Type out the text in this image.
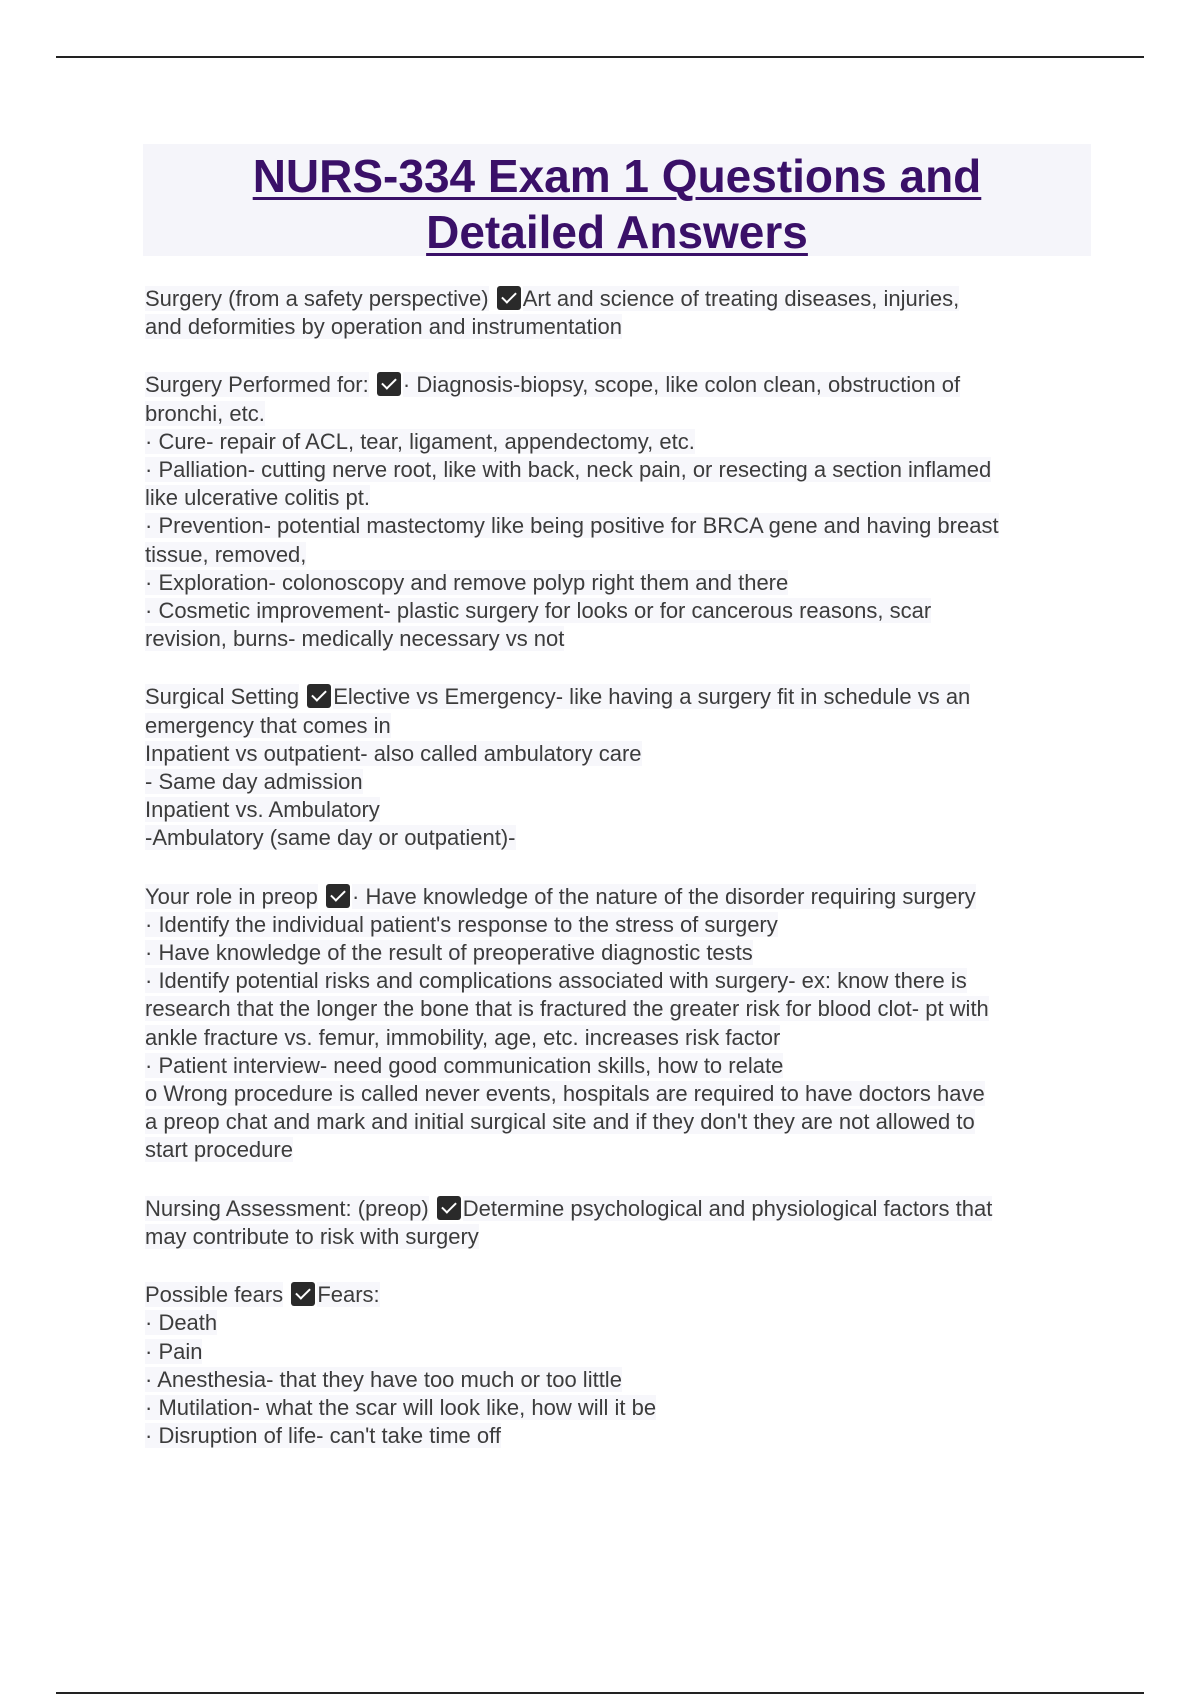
NURS-334 Exam 1 Questions and
Detailed Answers
Surgery (from a safety perspective) Art and science of treating diseases, injuries,
and deformities by operation and instrumentation
Surgery Performed for: · Diagnosis-biopsy, scope, like colon clean, obstruction of
bronchi, etc.
· Cure- repair of ACL, tear, ligament, appendectomy, etc.
· Palliation- cutting nerve root, like with back, neck pain, or resecting a section inflamed
like ulcerative colitis pt.
· Prevention- potential mastectomy like being positive for BRCA gene and having breast
tissue, removed,
· Exploration- colonoscopy and remove polyp right them and there
· Cosmetic improvement- plastic surgery for looks or for cancerous reasons, scar
revision, burns- medically necessary vs not
Surgical Setting Elective vs Emergency- like having a surgery fit in schedule vs an
emergency that comes in
Inpatient vs outpatient- also called ambulatory care
- Same day admission
Inpatient vs. Ambulatory
-Ambulatory (same day or outpatient)-
Your role in preop · Have knowledge of the nature of the disorder requiring surgery
· Identify the individual patient's response to the stress of surgery
· Have knowledge of the result of preoperative diagnostic tests
· Identify potential risks and complications associated with surgery- ex: know there is
research that the longer the bone that is fractured the greater risk for blood clot- pt with
ankle fracture vs. femur, immobility, age, etc. increases risk factor
· Patient interview- need good communication skills, how to relate
o Wrong procedure is called never events, hospitals are required to have doctors have
a preop chat and mark and initial surgical site and if they don't they are not allowed to
start procedure
Nursing Assessment: (preop) Determine psychological and physiological factors that
may contribute to risk with surgery
Possible fears Fears:
· Death
· Pain
· Anesthesia- that they have too much or too little
· Mutilation- what the scar will look like, how will it be
· Disruption of life- can't take time off
